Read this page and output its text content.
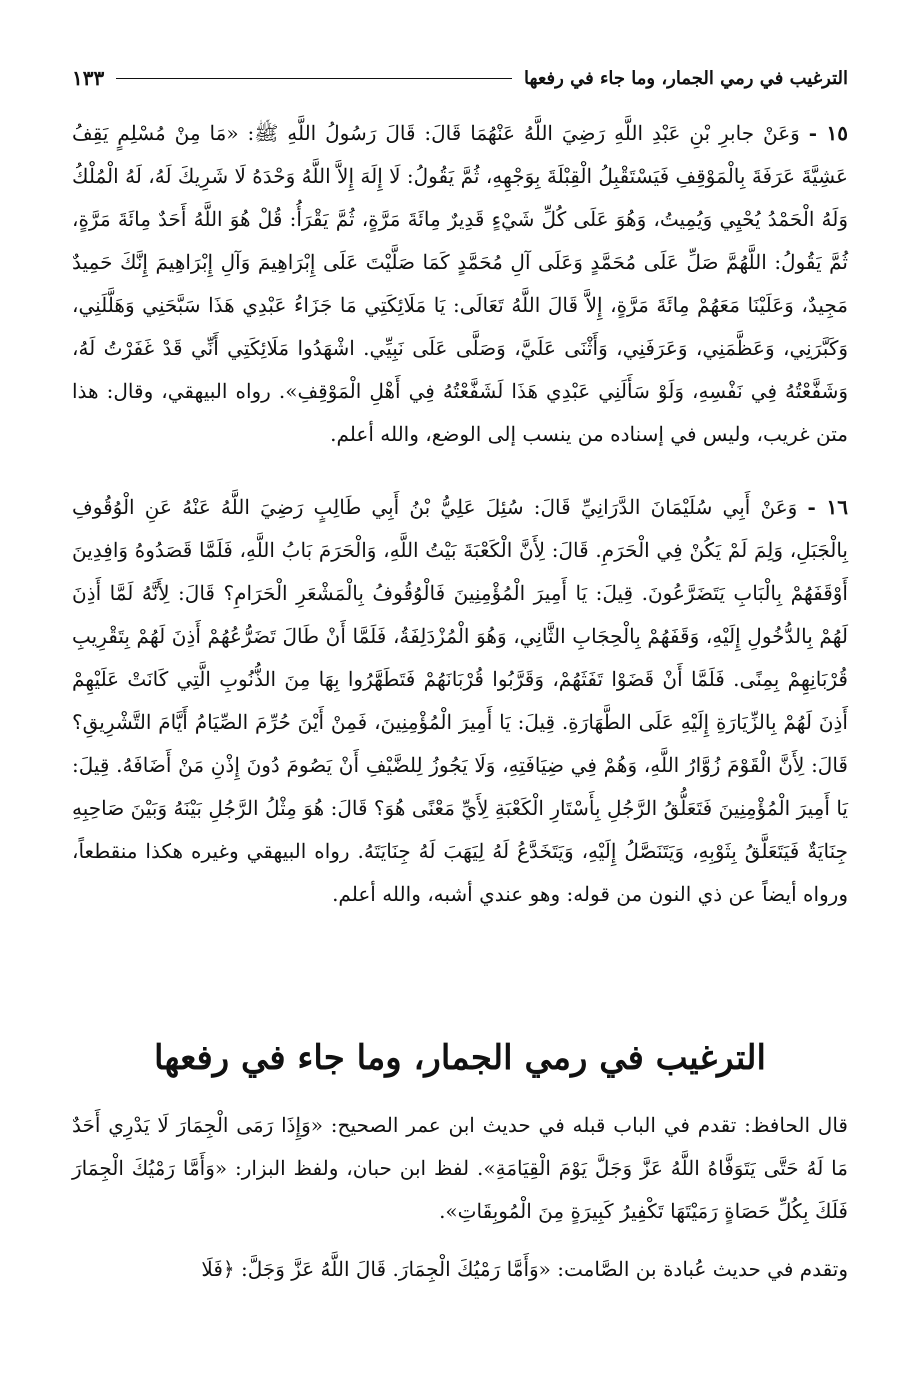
الترغيب في رمي الجمار، وما جاء في رفعها
١٣٣
١٥ - وَعَنْ جابرِ بْنِ عَبْدِ اللَّهِ رَضِيَ اللَّهُ عَنْهُمَا قَالَ: قَالَ رَسُولُ اللَّهِ ﷺ: «مَا مِنْ مُسْلِمٍ يَقِفُ عَشِيَّةَ عَرَفَةَ بِالْمَوْقِفِ فَيَسْتَقْبِلُ الْقِبْلَةَ بِوَجْهِهِ، ثُمَّ يَقُولُ: لَا إِلَهَ إِلاَّ اللَّهُ وَحْدَهُ لَا شَرِيكَ لَهُ، لَهُ الْمُلْكُ وَلَهُ الْحَمْدُ يُحْيِي وَيُمِيتُ، وَهُوَ عَلَى كُلِّ شَيْءٍ قَدِيرٌ مِائَةَ مَرَّةٍ، ثُمَّ يَقْرَأُ: قُلْ هُوَ اللَّهُ أَحَدٌ مِائَةَ مَرَّةٍ، ثُمَّ يَقُولُ: اللَّهُمَّ صَلِّ عَلَى مُحَمَّدٍ وَعَلَى آلِ مُحَمَّدٍ كَمَا صَلَّيْتَ عَلَى إِبْرَاهِيمَ وَآلِ إِبْرَاهِيمَ إِنَّكَ حَمِيدٌ مَجِيدٌ، وَعَلَيْنَا مَعَهُمْ مِائَةَ مَرَّةٍ، إِلاَّ قَالَ اللَّهُ تَعَالَى: يَا مَلَائِكَتِي مَا جَزَاءُ عَبْدِي هَذَا سَبَّحَنِي وَهَلَّلَنِي، وَكَبَّرَنِي، وَعَظَّمَنِي، وَعَرَفَنِي، وَأَثْنَى عَلَيَّ، وَصَلَّى عَلَى نَبِيِّي. اشْهَدُوا مَلَائِكَتِي أَنِّي قَدْ غَفَرْتُ لَهُ، وَشَفَّعْتُهُ فِي نَفْسِهِ، وَلَوْ سَأَلَنِي عَبْدِي هَذَا لَشَفَّعْتُهُ فِي أَهْلِ الْمَوْقِفِ». رواه البيهقي، وقال: هذا متن غريب، وليس في إسناده من ينسب إلى الوضع، والله أعلم.
١٦ - وَعَنْ أَبِي سُلَيْمَانَ الدَّرَانِيِّ قَالَ: سُئِلَ عَلِيُّ بْنُ أَبِي طَالِبٍ رَضِيَ اللَّهُ عَنْهُ عَنِ الْوُقُوفِ بِالْجَبَلِ، وَلِمَ لَمْ يَكُنْ فِي الْحَرَمِ. قَالَ: لِأَنَّ الْكَعْبَةَ بَيْتُ اللَّهِ، وَالْحَرَمَ بَابُ اللَّهِ، فَلَمَّا قَصَدُوهُ وَافِدِينَ أَوْقَفَهُمْ بِالْبَابِ يَتَضَرَّعُونَ. قِيلَ: يَا أَمِيرَ الْمُؤْمِنِينَ فَالْوُقُوفُ بِالْمَشْعَرِ الْحَرَامِ؟ قَالَ: لِأَنَّهُ لَمَّا أَذِنَ لَهُمْ بِالدُّخُولِ إِلَيْهِ، وَقَفَهُمْ بِالْحِجَابِ الثَّانِي، وَهُوَ الْمُزْدَلِفَةُ، فَلَمَّا أَنْ طَالَ تَضَرُّعُهُمْ أَذِنَ لَهُمْ بِتَقْرِيبِ قُرْبَانِهِمْ بِمِنًى. فَلَمَّا أَنْ قَضَوْا تَفَثَهُمْ، وَقَرَّبُوا قُرْبَانَهُمْ فَتَطَهَّرُوا بِهَا مِنَ الذُّنُوبِ الَّتِي كَانَتْ عَلَيْهِمْ أَذِنَ لَهُمْ بِالزِّيَارَةِ إِلَيْهِ عَلَى الطَّهَارَةِ. قِيلَ: يَا أَمِيرَ الْمُؤْمِنِينَ، فَمِنْ أَيْنَ حُرِّمَ الصِّيَامُ أَيَّامَ التَّشْرِيقِ؟ قَالَ: لِأَنَّ الْقَوْمَ زُوَّارُ اللَّهِ، وَهُمْ فِي ضِيَافَتِهِ، وَلَا يَجُوزُ لِلضَّيْفِ أَنْ يَصُومَ دُونَ إِذْنِ مَنْ أَضَافَهُ. قِيلَ: يَا أَمِيرَ الْمُؤْمِنِينَ فَتَعَلُّقُ الرَّجُلِ بِأَسْتَارِ الْكَعْبَةِ لِأَيِّ مَعْنًى هُوَ؟ قَالَ: هُوَ مِثْلُ الرَّجُلِ بَيْنَهُ وَبَيْنَ صَاحِبِهِ جِنَايَةٌ فَيَتَعَلَّقُ بِثَوْبِهِ، وَيَتَنَصَّلُ إِلَيْهِ، وَيَتَخَدَّعُ لَهُ لِيَهَبَ لَهُ جِنَايَتَهُ. رواه البيهقي وغيره هكذا منقطعاً، ورواه أيضاً عن ذي النون من قوله: وهو عندي أشبه، والله أعلم.
الترغيب في رمي الجمار، وما جاء في رفعها
قال الحافظ: تقدم في الباب قبله في حديث ابن عمر الصحيح: «وَإِذَا رَمَى الْجِمَارَ لَا يَدْرِي أَحَدٌ مَا لَهُ حَتَّى يَتَوَفَّاهُ اللَّهُ عَزَّ وَجَلَّ يَوْمَ الْقِيَامَةِ». لفظ ابن حبان، ولفظ البزار: «وَأَمَّا رَمْيُكَ الْجِمَارَ فَلَكَ بِكُلِّ حَصَاةٍ رَمَيْتَهَا تَكْفِيرُ كَبِيرَةٍ مِنَ الْمُوبِقَاتِ».
وتقدم في حديث عُبادة بن الصَّامت: «وَأَمَّا رَمْيُكَ الْجِمَارَ. قَالَ اللَّهُ عَزَّ وَجَلَّ: ﴿فَلَا
